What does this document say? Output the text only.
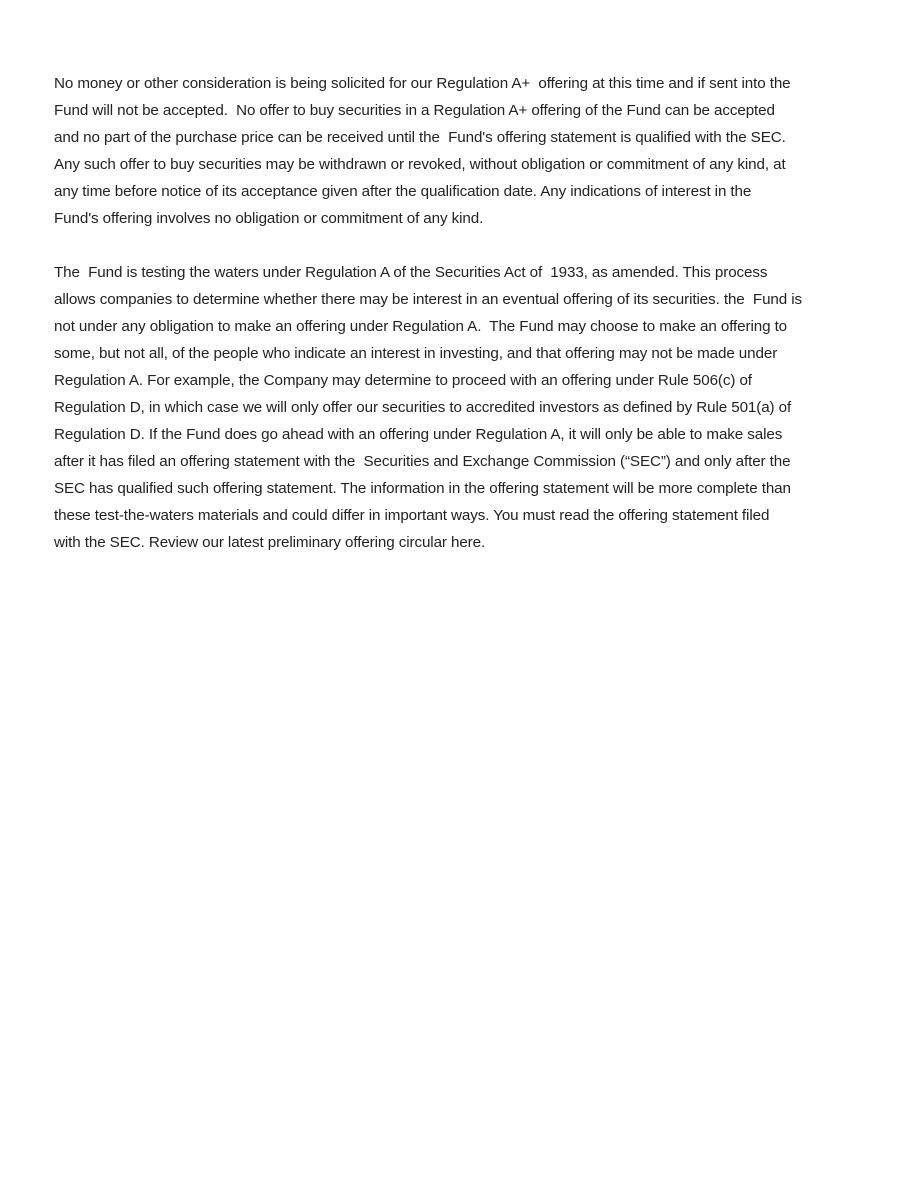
No money or other consideration is being solicited for our Regulation A+  offering at this time and if sent into the
Fund will not be accepted.  No offer to buy securities in a Regulation A+ offering of the Fund can be accepted
and no part of the purchase price can be received until the  Fund's offering statement is qualified with the SEC.
Any such offer to buy securities may be withdrawn or revoked, without obligation or commitment of any kind, at
any time before notice of its acceptance given after the qualification date. Any indications of interest in the
Fund's offering involves no obligation or commitment of any kind.
The  Fund is testing the waters under Regulation A of the Securities Act of  1933, as amended. This process
allows companies to determine whether there may be interest in an eventual offering of its securities. the  Fund is
not under any obligation to make an offering under Regulation A.  The Fund may choose to make an offering to
some, but not all, of the people who indicate an interest in investing, and that offering may not be made under
Regulation A. For example, the Company may determine to proceed with an offering under Rule 506(c) of
Regulation D, in which case we will only offer our securities to accredited investors as defined by Rule 501(a) of
Regulation D. If the Fund does go ahead with an offering under Regulation A, it will only be able to make sales
after it has filed an offering statement with the  Securities and Exchange Commission (“SEC”) and only after the
SEC has qualified such offering statement. The information in the offering statement will be more complete than
these test-the-waters materials and could differ in important ways. You must read the offering statement filed
with the SEC. Review our latest preliminary offering circular here.
